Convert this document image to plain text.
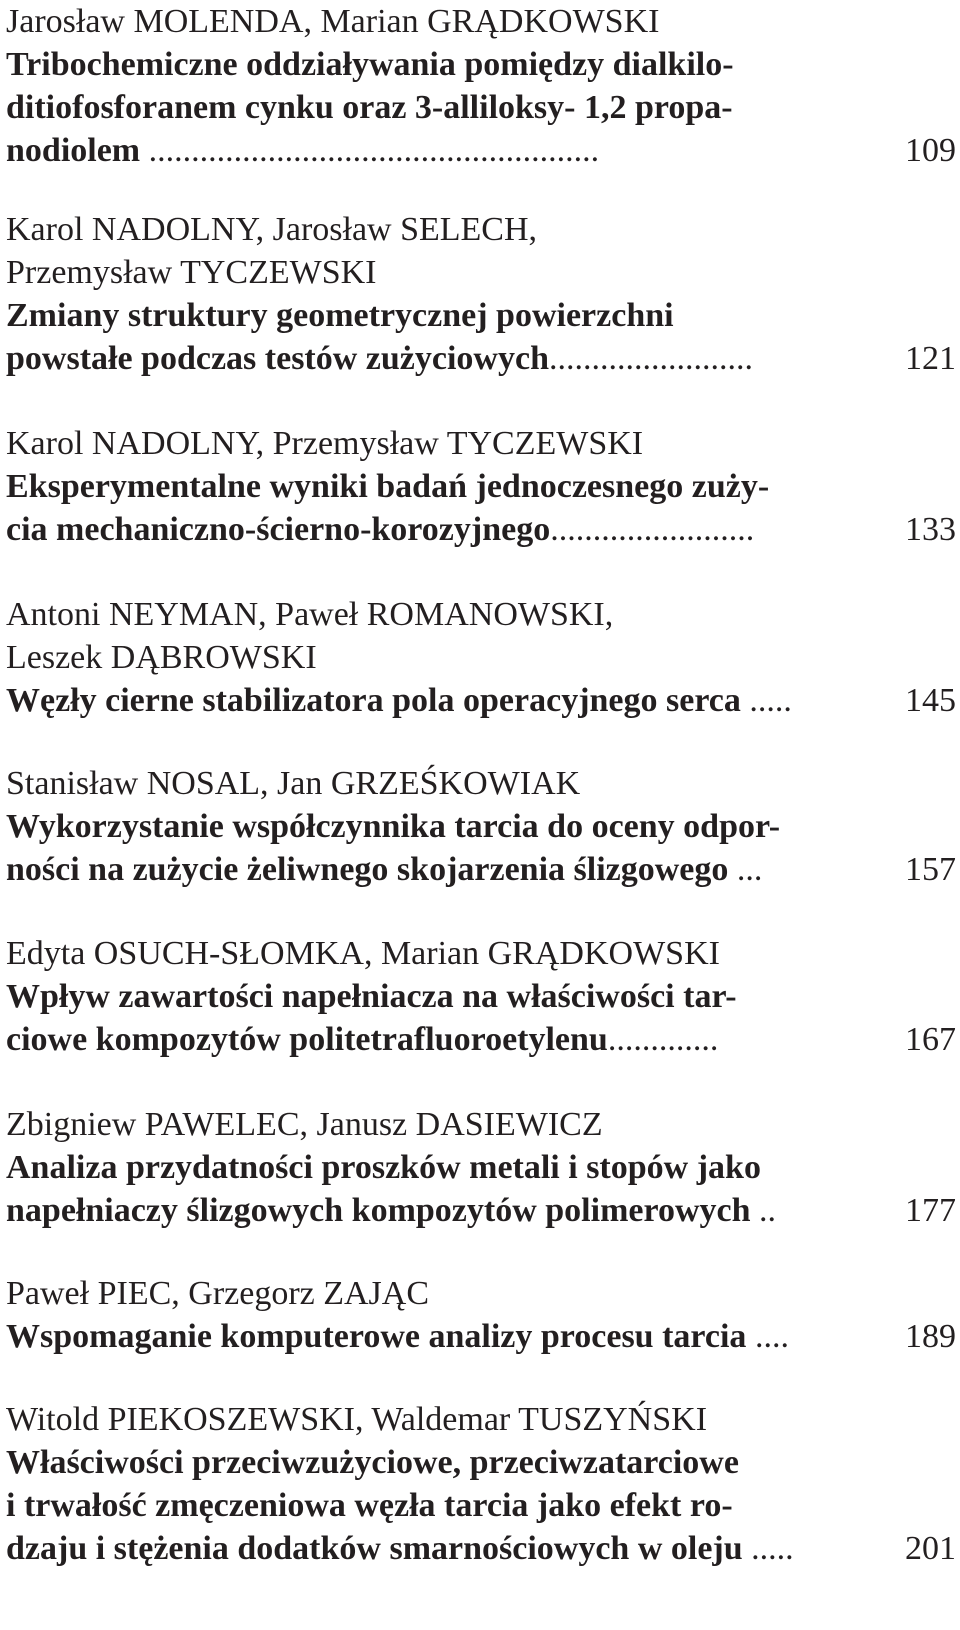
Jarosław MOLENDA, Marian GRĄDKOWSKI
Tribochemiczne oddziaływania pomiędzy dialkilo-
ditiofosforanem cynku oraz 3-alliloksy- 1,2 propa-
nodiolem .....................................................	109
Karol NADOLNY, Jarosław SELECH,
Przemysław TYCZEWSKI
Zmiany struktury geometrycznej powierzchni
powstałe podczas testów zużyciowych........................	121
Karol NADOLNY, Przemysław TYCZEWSKI
Eksperymentalne wyniki badań jednoczesnego zuży-
cia mechaniczno-ścierno-korozyjnego........................	133
Antoni NEYMAN, Paweł ROMANOWSKI,
Leszek DĄBROWSKI
Węzły cierne stabilizatora pola operacyjnego serca .....	145
Stanisław NOSAL, Jan GRZEŚKOWIAK
Wykorzystanie współczynnika tarcia do oceny odpor-
ności na zużycie żeliwnego skojarzenia ślizgowego ...	157
Edyta OSUCH-SŁOMKA, Marian GRĄDKOWSKI
Wpływ zawartości napełniacza na właściwości tar-
ciowe kompozytów politetrafluoroetylenu.............	167
Zbigniew PAWELEC, Janusz DASIEWICZ
Analiza przydatności proszków metali i stopów jako
napełniaczy ślizgowych kompozytów polimerowych ..	177
Paweł PIEC, Grzegorz ZAJĄC
Wspomaganie komputerowe analizy procesu tarcia ....	189
Witold PIEKOSZEWSKI, Waldemar TUSZYŃSKI
Właściwości przeciwzużyciowe, przeciwzatarciowe
i trwałość zmęczeniowa węzła tarcia jako efekt ro-
dzaju i stężenia dodatków smarnościowych w oleju .....	201
